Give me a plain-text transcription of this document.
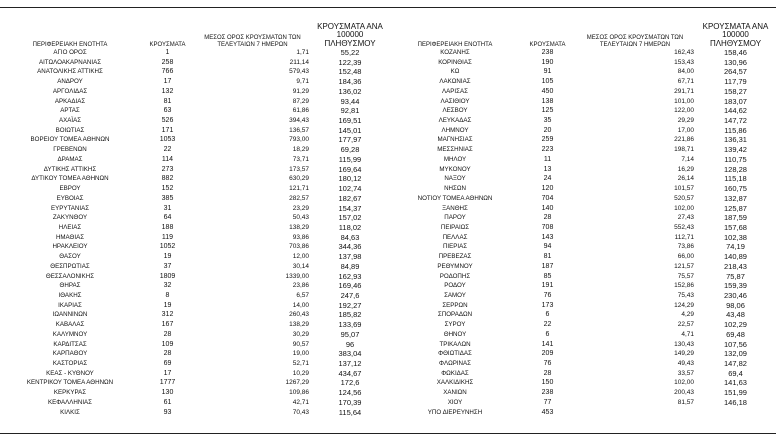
ΠΕΡΙΦΕΡΕΙΑΚΗ ΕΝΟΤΗΤΑ	ΚΡΟΥΣΜΑΤΑ	ΜΕΣΟΣ ΟΡΟΣ ΚΡΟΥΣΜΑΤΩΝ ΤΩΝ ΤΕΛΕΥΤΑΙΩΝ 7 ΗΜΕΡΩΝ	ΚΡΟΥΣΜΑΤΑ ΑΝΑ 100000 ΠΛΗΘΥΣΜΟΥ
ΑΓΙΟ ΟΡΟΣ	1	1,71	55,22
ΑΙΤΩΛΟΑΚΑΡΝΑΝΙΑΣ	258	211,14	122,39
ΑΝΑΤΟΛΙΚΗΣ ΑΤΤΙΚΗΣ	766	579,43	152,48
ΑΝΔΡΟΥ	17	9,71	184,36
ΑΡΓΟΛΙΔΑΣ	132	91,29	136,02
ΑΡΚΑΔΙΑΣ	81	87,29	93,44
ΑΡΤΑΣ	63	61,86	92,81
ΑΧΑΪΑΣ	526	394,43	169,51
ΒΟΙΩΤΙΑΣ	171	136,57	145,01
ΒΟΡΕΙΟΥ ΤΟΜΕΑ ΑΘΗΝΩΝ	1053	793,00	177,97
ΓΡΕΒΕΝΩΝ	22	18,29	69,28
ΔΡΑΜΑΣ	114	73,71	115,99
ΔΥΤΙΚΗΣ ΑΤΤΙΚΗΣ	273	173,57	169,64
ΔΥΤΙΚΟΥ ΤΟΜΕΑ ΑΘΗΝΩΝ	882	630,29	180,12
ΕΒΡΟΥ	152	121,71	102,74
ΕΥΒΟΙΑΣ	385	282,57	182,67
ΕΥΡΥΤΑΝΙΑΣ	31	23,29	154,37
ΖΑΚΥΝΘΟΥ	64	50,43	157,02
ΗΛΕΙΑΣ	188	138,29	118,02
ΗΜΑΘΙΑΣ	119	93,86	84,63
ΗΡΑΚΛΕΙΟΥ	1052	703,86	344,36
ΘΑΣΟΥ	19	12,00	137,98
ΘΕΣΠΡΩΤΙΑΣ	37	30,14	84,89
ΘΕΣΣΑΛΟΝΙΚΗΣ	1809	1339,00	162,93
ΘΗΡΑΣ	32	23,86	169,46
ΙΘΑΚΗΣ	8	6,57	247,6
ΙΚΑΡΙΑΣ	19	14,00	192,27
ΙΩΑΝΝΙΝΩΝ	312	260,43	185,82
ΚΑΒΑΛΑΣ	167	138,29	133,69
ΚΑΛΥΜΝΟΥ	28	30,29	95,07
ΚΑΡΔΙΤΣΑΣ	109	90,57	96
ΚΑΡΠΑΘΟΥ	28	19,00	383,04
ΚΑΣΤΟΡΙΑΣ	69	52,71	137,12
ΚΕΑΣ - ΚΥΘΝΟΥ	17	10,29	434,67
ΚΕΝΤΡΙΚΟΥ ΤΟΜΕΑ ΑΘΗΝΩΝ	1777	1267,29	172,6
ΚΕΡΚΥΡΑΣ	130	109,86	124,56
ΚΕΦΑΛΛΗΝΙΑΣ	61	42,71	170,39
ΚΙΛΚΙΣ	93	70,43	115,64
ΠΕΡΙΦΕΡΕΙΑΚΗ ΕΝΟΤΗΤΑ	ΚΡΟΥΣΜΑΤΑ	ΜΕΣΟΣ ΟΡΟΣ ΚΡΟΥΣΜΑΤΩΝ ΤΩΝ ΤΕΛΕΥΤΑΙΩΝ 7 ΗΜΕΡΩΝ	ΚΡΟΥΣΜΑΤΑ ΑΝΑ 100000 ΠΛΗΘΥΣΜΟΥ
ΚΟΖΑΝΗΣ	238	162,43	158,46
ΚΟΡΙΝΘΙΑΣ	190	153,43	130,96
ΚΩ	91	84,00	264,57
ΛΑΚΩΝΙΑΣ	105	67,71	117,79
ΛΑΡΙΣΑΣ	450	291,71	158,27
ΛΑΣΙΘΙΟΥ	138	101,00	183,07
ΛΕΣΒΟΥ	125	122,00	144,62
ΛΕΥΚΑΔΑΣ	35	29,29	147,72
ΛΗΜΝΟΥ	20	17,00	115,86
ΜΑΓΝΗΣΙΑΣ	259	221,86	136,31
ΜΕΣΣΗΝΙΑΣ	223	198,71	139,42
ΜΗΛΟΥ	11	7,14	110,75
ΜΥΚΟΝΟΥ	13	16,29	128,28
ΝΑΞΟΥ	24	26,14	115,18
ΝΗΣΩΝ	120	101,57	160,75
ΝΟΤΙΟΥ ΤΟΜΕΑ ΑΘΗΝΩΝ	704	520,57	132,87
ΞΑΝΘΗΣ	140	102,00	125,87
ΠΑΡΟΥ	28	27,43	187,59
ΠΕΙΡΑΙΩΣ	708	552,43	157,68
ΠΕΛΛΑΣ	143	112,71	102,38
ΠΙΕΡΙΑΣ	94	73,86	74,19
ΠΡΕΒΕΖΑΣ	81	66,00	140,89
ΡΕΘΥΜΝΟΥ	187	121,57	218,43
ΡΟΔΟΠΗΣ	85	75,57	75,87
ΡΟΔΟΥ	191	152,86	159,39
ΣΑΜΟΥ	76	75,43	230,46
ΣΕΡΡΩΝ	173	124,29	98,06
ΣΠΟΡΑΔΩΝ	6	4,29	43,48
ΣΥΡΟΥ	22	22,57	102,29
ΘΗΝΟΥ	6	4,71	69,48
ΤΡΙΚΑΛΩΝ	141	130,43	107,56
ΦΘΙΩΤΙΔΑΣ	209	149,29	132,09
ΦΛΩΡΙΝΑΣ	76	49,43	147,82
ΦΩΚΙΔΑΣ	28	33,57	69,4
ΧΑΛΚΙΔΙΚΗΣ	150	102,00	141,63
ΧΑΝΙΩΝ	238	200,43	151,99
ΧΙΟΥ	77	81,57	146,18
ΥΠΟ ΔΙΕΡΕΥΝΗΣΗ	453		
